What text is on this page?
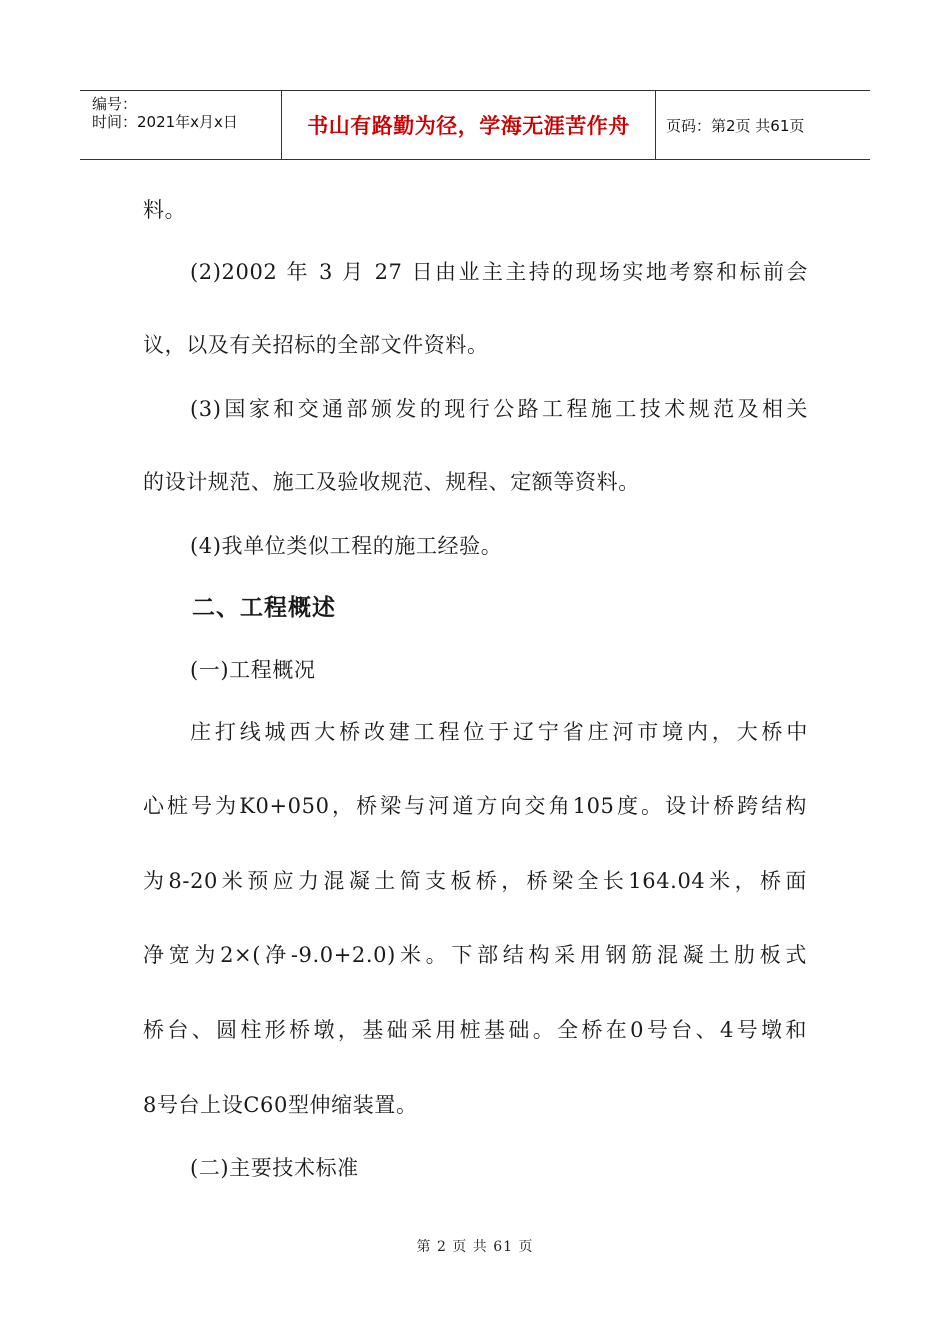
编号：
时间：2021年x月x日	书山有路勤为径，学海无涯苦作舟	页码：第2页 共61页
料。
(2)2002 年 3 月 27 日由业主主持的现场实地考察和标前会
议，以及有关招标的全部文件资料。
(3)国家和交通部颁发的现行公路工程施工技术规范及相关
的设计规范、施工及验收规范、规程、定额等资料。
(4)我单位类似工程的施工经验。
二、工程概述
(一)工程概况
庄打线城西大桥改建工程位于辽宁省庄河市境内，大桥中
心桩号为K0+050，桥梁与河道方向交角105度。设计桥跨结构
为8-20米预应力混凝土简支板桥，桥梁全长164.04米，桥面
净宽为2×(净-9.0+2.0)米。下部结构采用钢筋混凝土肋板式
桥台、圆柱形桥墩，基础采用桩基础。全桥在0号台、4号墩和
8号台上设C60型伸缩装置。
(二)主要技术标准
第 2 页 共 61 页
